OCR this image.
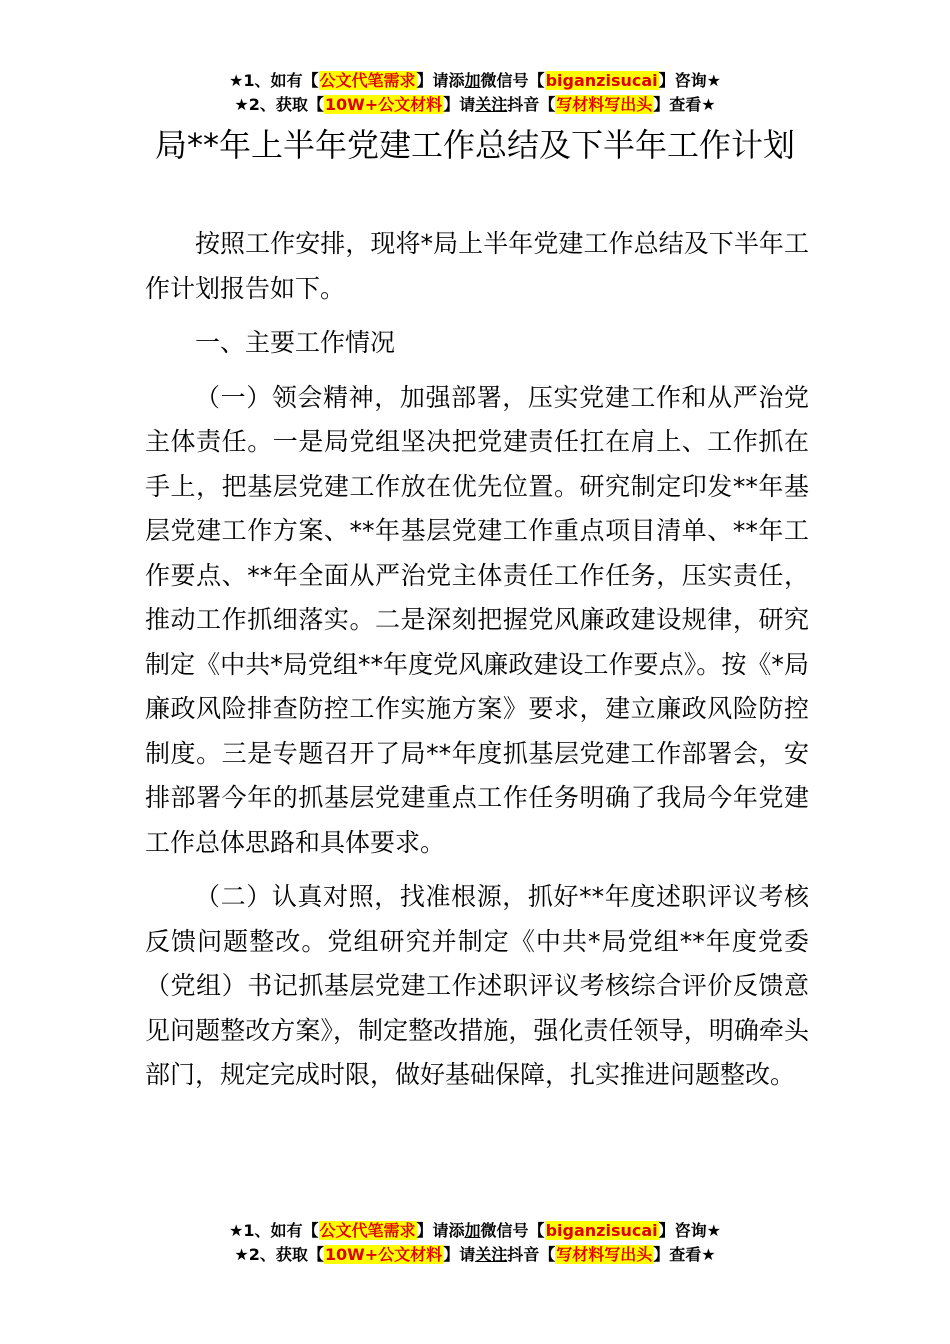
★1、如有【公文代笔需求】请添加微信号【biganzisucai】咨询★
★2、获取【10W+公文材料】请关注抖音【写材料写出头】查看★
局**年上半年党建工作总结及下半年工作计划

按照工作安排，现将*局上半年党建工作总结及下半年工作计划报告如下。

一、主要工作情况

（一）领会精神，加强部署，压实党建工作和从严治党主体责任。一是局党组坚决把党建责任扛在肩上、工作抓在手上，把基层党建工作放在优先位置。研究制定印发**年基层党建工作方案、**年基层党建工作重点项目清单、**年工作要点、**年全面从严治党主体责任工作任务，压实责任，推动工作抓细落实。二是深刻把握党风廉政建设规律，研究制定《中共*局党组**年度党风廉政建设工作要点》。按《*局廉政风险排查防控工作实施方案》要求，建立廉政风险防控制度。三是专题召开了局**年度抓基层党建工作部署会，安排部署今年的抓基层党建重点工作任务明确了我局今年党建工作总体思路和具体要求。

（二）认真对照，找准根源，抓好**年度述职评议考核反馈问题整改。党组研究并制定《中共*局党组**年度党委（党组）书记抓基层党建工作述职评议考核综合评价反馈意见问题整改方案》，制定整改措施，强化责任领导，明确牵头部门，规定完成时限，做好基础保障，扎实推进问题整改。

★1、如有【公文代笔需求】请添加微信号【biganzisucai】咨询★
★2、获取【10W+公文材料】请关注抖音【写材料写出头】查看★
